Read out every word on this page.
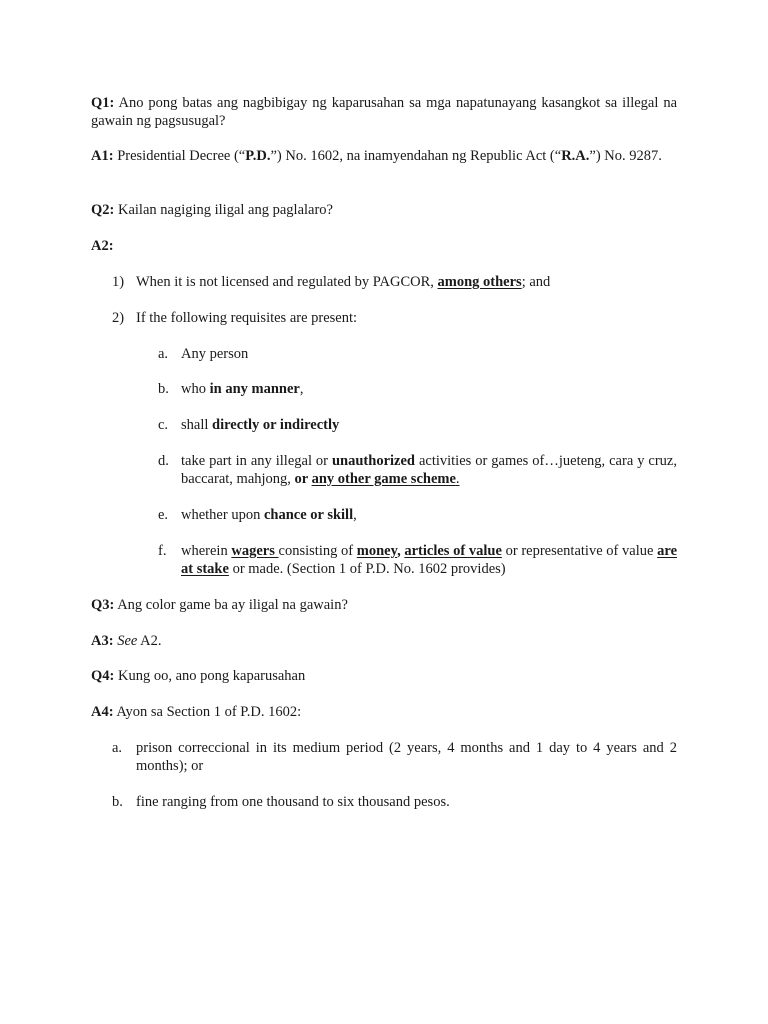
Q1: Ano pong batas ang nagbibigay ng kaparusahan sa mga napatunayang kasangkot sa illegal na gawain ng pagsusugal?

A1: Presidential Decree (“P.D.”) No. 1602, na inamyendahan ng Republic Act (“R.A.”) No. 9287.

Q2: Kailan nagiging iligal ang paglalaro?

A2:

1) When it is not licensed and regulated by PAGCOR, among others; and
2) If the following requisites are present:
a. Any person
b. who in any manner,
c. shall directly or indirectly
d. take part in any illegal or unauthorized activities or games of…jueteng, cara y cruz, baccarat, mahjong, or any other game scheme.
e. whether upon chance or skill,
f. wherein wagers consisting of money, articles of value or representative of value are at stake or made. (Section 1 of P.D. No. 1602 provides)

Q3: Ang color game ba ay iligal na gawain?

A3: See A2.

Q4: Kung oo, ano pong kaparusahan

A4: Ayon sa Section 1 of P.D. 1602:

a. prison correccional in its medium period (2 years, 4 months and 1 day to 4 years and 2 months); or
b. fine ranging from one thousand to six thousand pesos.
